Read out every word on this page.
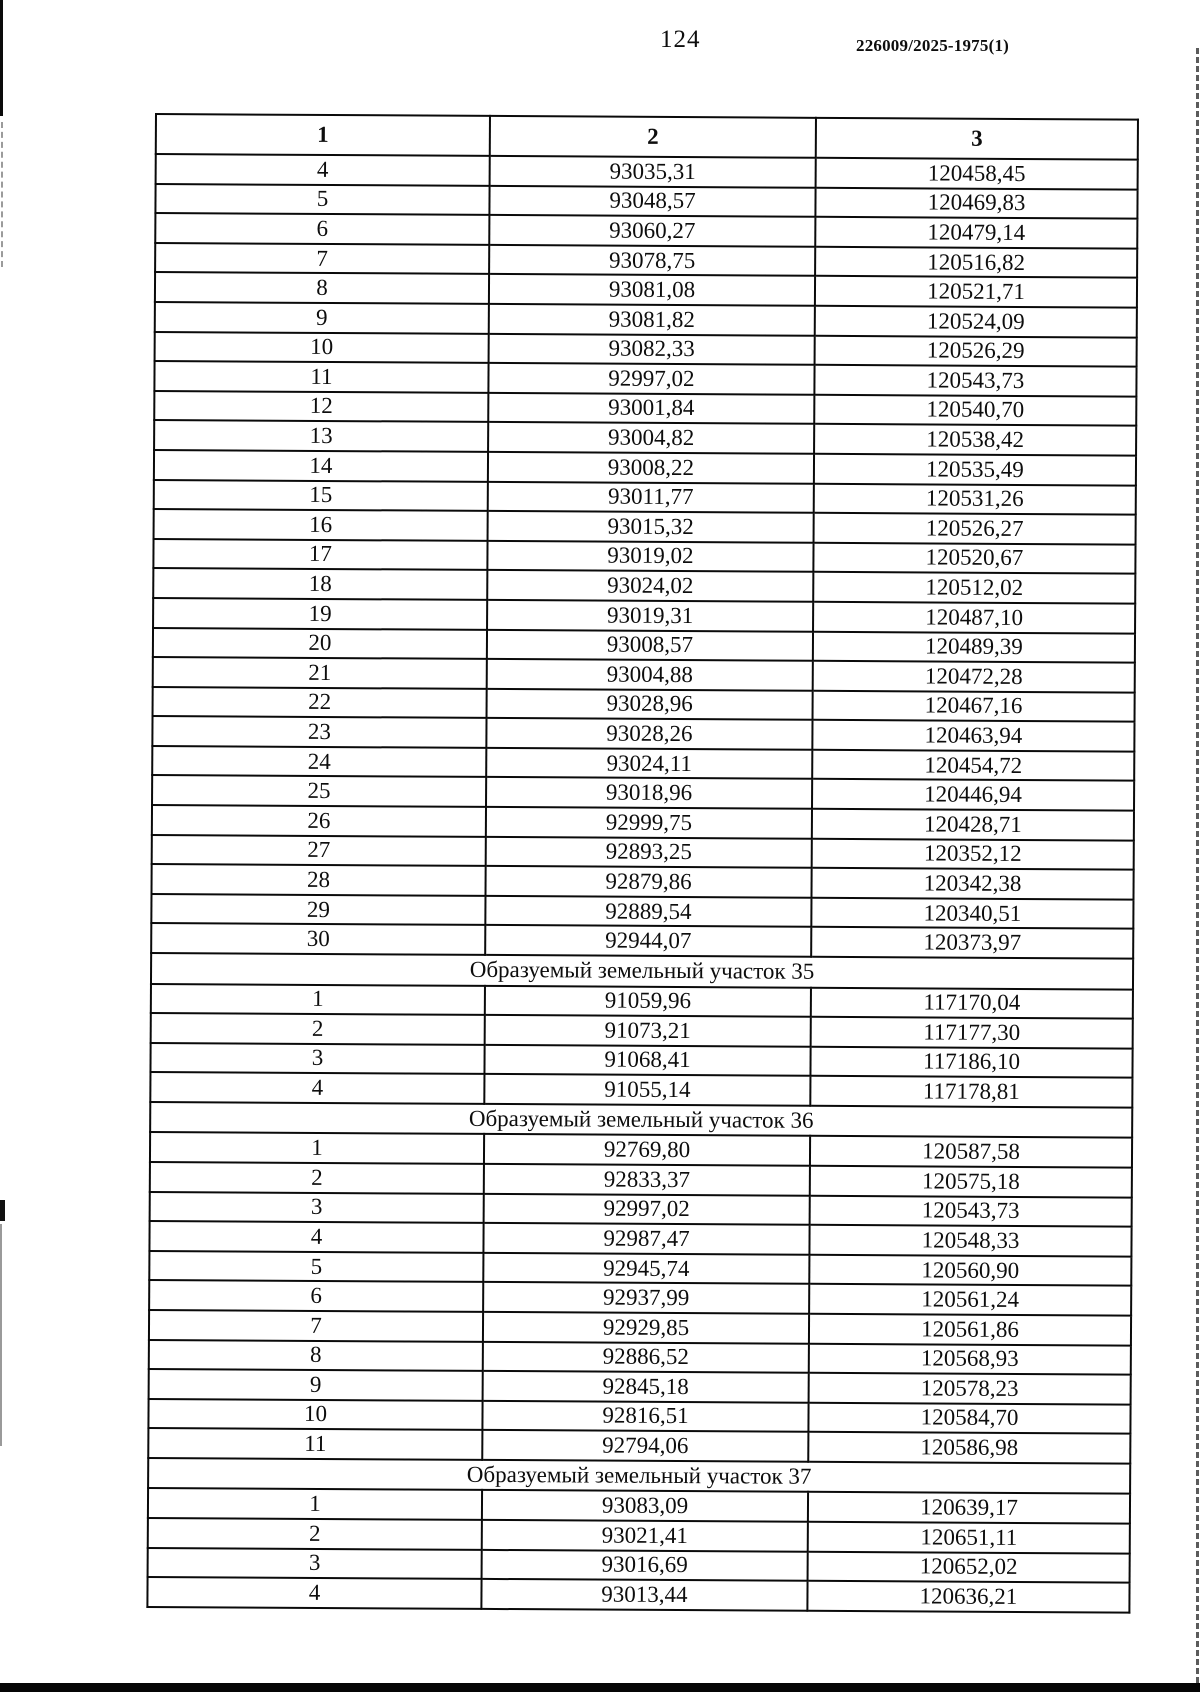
124	226009/2025-1975(1)
1	2	3
4	93035,31	120458,45
5	93048,57	120469,83
6	93060,27	120479,14
7	93078,75	120516,82
8	93081,08	120521,71
9	93081,82	120524,09
10	93082,33	120526,29
11	92997,02	120543,73
12	93001,84	120540,70
13	93004,82	120538,42
14	93008,22	120535,49
15	93011,77	120531,26
16	93015,32	120526,27
17	93019,02	120520,67
18	93024,02	120512,02
19	93019,31	120487,10
20	93008,57	120489,39
21	93004,88	120472,28
22	93028,96	120467,16
23	93028,26	120463,94
24	93024,11	120454,72
25	93018,96	120446,94
26	92999,75	120428,71
27	92893,25	120352,12
28	92879,86	120342,38
29	92889,54	120340,51
30	92944,07	120373,97
Образуемый земельный участок 35		
1	91059,96	117170,04
2	91073,21	117177,30
3	91068,41	117186,10
4	91055,14	117178,81
Образуемый земельный участок 36		
1	92769,80	120587,58
2	92833,37	120575,18
3	92997,02	120543,73
4	92987,47	120548,33
5	92945,74	120560,90
6	92937,99	120561,24
7	92929,85	120561,86
8	92886,52	120568,93
9	92845,18	120578,23
10	92816,51	120584,70
11	92794,06	120586,98
Образуемый земельный участок 37		
1	93083,09	120639,17
2	93021,41	120651,11
3	93016,69	120652,02
4	93013,44	120636,21
